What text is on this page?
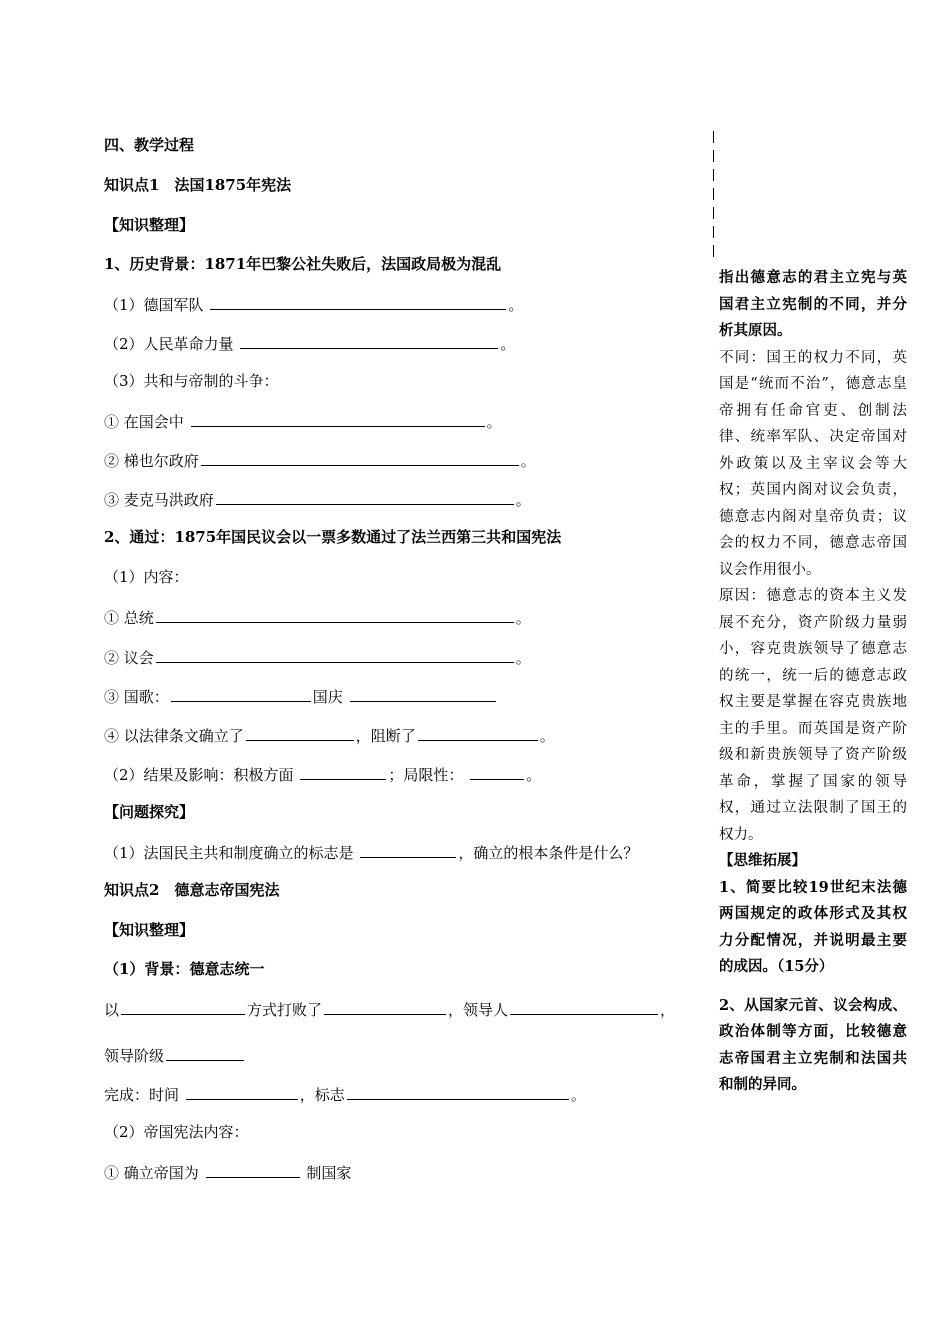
四、教学过程
知识点1　法国1875年宪法
【知识整理】
1、历史背景：1871年巴黎公社失败后，法国政局极为混乱
（1）德国军队	。
（2）人民革命力量	。
（3）共和与帝制的斗争：
① 在国会中	。
② 梯也尔政府	。
③ 麦克马洪政府	。
2、通过：1875年国民议会以一票多数通过了法兰西第三共和国宪法
（1）内容：
① 总统	。
② 议会	。
③ 国歌：	国庆
④ 以法律条文确立了	，阻断了	。
（2）结果及影响：积极方面	；局限性：	。
【问题探究】
（1）法国民主共和制度确立的标志是	，确立的根本条件是什么？
知识点2　德意志帝国宪法
【知识整理】
（1）背景：德意志统一
以	方式打败了	，领导人	，
领导阶级
完成：时间	，标志	。
（2）帝国宪法内容：
① 确立帝国为	制国家

指出德意志的君主立宪与英国君主立宪制的不同，并分析其原因。

不同：国王的权力不同，英国是“统而不治”，德意志皇帝拥有任命官吏、创制法律、统率军队、决定帝国对外政策以及主宰议会等大权；英国内阁对议会负责，德意志内阁对皇帝负责；议会的权力不同，德意志帝国议会作用很小。

原因：德意志的资本主义发展不充分，资产阶级力量弱小，容克贵族领导了德意志的统一，统一后的德意志政权主要是掌握在容克贵族地主的手里。而英国是资产阶级和新贵族领导了资产阶级革命，掌握了国家的领导权，通过立法限制了国王的权力。

【思维拓展】

1、简要比较19世纪末法德两国规定的政体形式及其权力分配情况，并说明最主要的成因。（15分）

2、从国家元首、议会构成、政治体制等方面，比较德意志帝国君主立宪制和法国共和制的异同。
